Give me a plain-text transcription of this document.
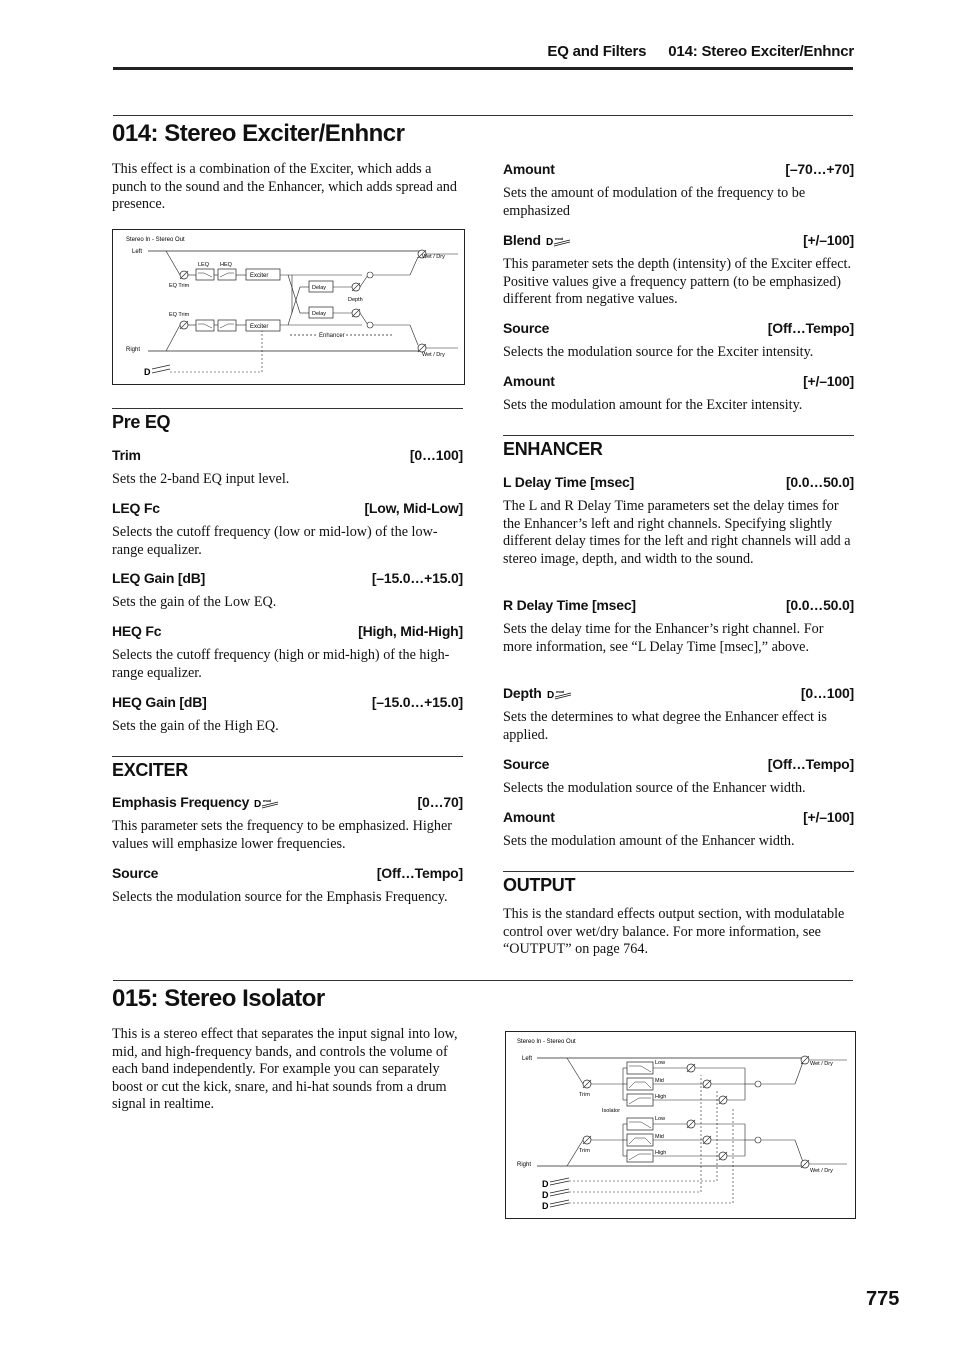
EQ and Filters 014: Stereo Exciter/Enhncr
014: Stereo Exciter/Enhncr
This effect is a combination of the Exciter, which adds a punch to the sound and the Enhancer, which adds spread and presence.
Stereo In - Stereo Out
Left
Right
EQ Trim
EQ Trim
LEQ HEQ
Exciter
Exciter
Delay
Delay
Depth
Enhancer
Wet / Dry
Wet / Dry
D
Pre EQ
Trim	[0…100]
Sets the 2-band EQ input level.
LEQ Fc	[Low, Mid-Low]
Selects the cutoff frequency (low or mid-low) of the low-range equalizer.
LEQ Gain [dB]	[–15.0…+15.0]
Sets the gain of the Low EQ.
HEQ Fc	[High, Mid-High]
Selects the cutoff frequency (high or mid-high) of the high-range equalizer.
HEQ Gain [dB]	[–15.0…+15.0]
Sets the gain of the High EQ.
EXCITER
Emphasis Frequency D mod	[0…70]
This parameter sets the frequency to be emphasized. Higher values will emphasize lower frequencies.
Source	[Off…Tempo]
Selects the modulation source for the Emphasis Frequency.
Amount	[–70…+70]
Sets the amount of modulation of the frequency to be emphasized
Blend D mod	[+/–100]
This parameter sets the depth (intensity) of the Exciter effect. Positive values give a frequency pattern (to be emphasized) different from negative values.
Source	[Off…Tempo]
Selects the modulation source for the Exciter intensity.
Amount	[+/–100]
Sets the modulation amount for the Exciter intensity.
ENHANCER
L Delay Time [msec]	[0.0…50.0]
The L and R Delay Time parameters set the delay times for the Enhancer’s left and right channels. Specifying slightly different delay times for the left and right channels will add a stereo image, depth, and width to the sound.
R Delay Time [msec]	[0.0…50.0]
Sets the delay time for the Enhancer’s right channel. For more information, see “L Delay Time [msec],” above.
Depth D mod	[0…100]
Sets the determines to what degree the Enhancer effect is applied.
Source	[Off…Tempo]
Selects the modulation source of the Enhancer width.
Amount	[+/–100]
Sets the modulation amount of the Enhancer width.
OUTPUT
This is the standard effects output section, with modulatable control over wet/dry balance. For more information, see “OUTPUT” on page 764.
015: Stereo Isolator
This is a stereo effect that separates the input signal into low, mid, and high-frequency bands, and controls the volume of each band independently. For example you can separately boost or cut the kick, snare, and hi-hat sounds from a drum signal in realtime.
Stereo In - Stereo Out
Left
Right
Trim
Trim
Isolator
Low
Mid
High
Low
Mid
High
Wet / Dry
Wet / Dry
D
D
D
775
